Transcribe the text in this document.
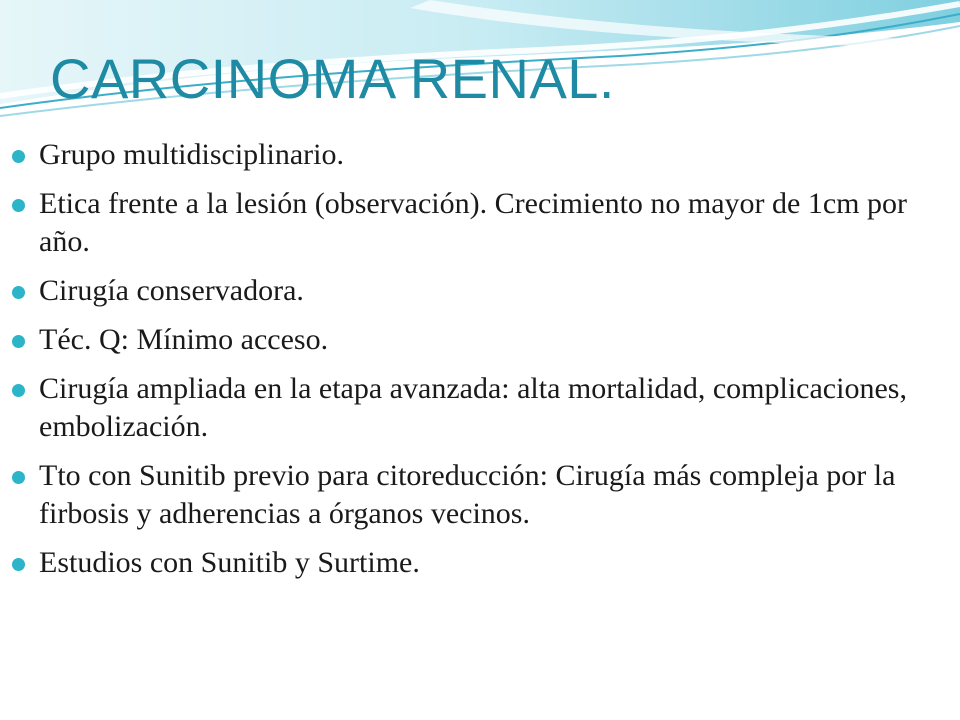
CARCINOMA RENAL.
Grupo multidisciplinario.
Etica frente a la lesión (observación). Crecimiento no mayor de 1cm por año.
Cirugía conservadora.
Téc. Q: Mínimo acceso.
Cirugía ampliada en la etapa avanzada: alta mortalidad, complicaciones, embolización.
Tto con Sunitib previo para citoreducción: Cirugía más compleja por la firbosis y adherencias a órganos vecinos.
Estudios con Sunitib y Surtime.
